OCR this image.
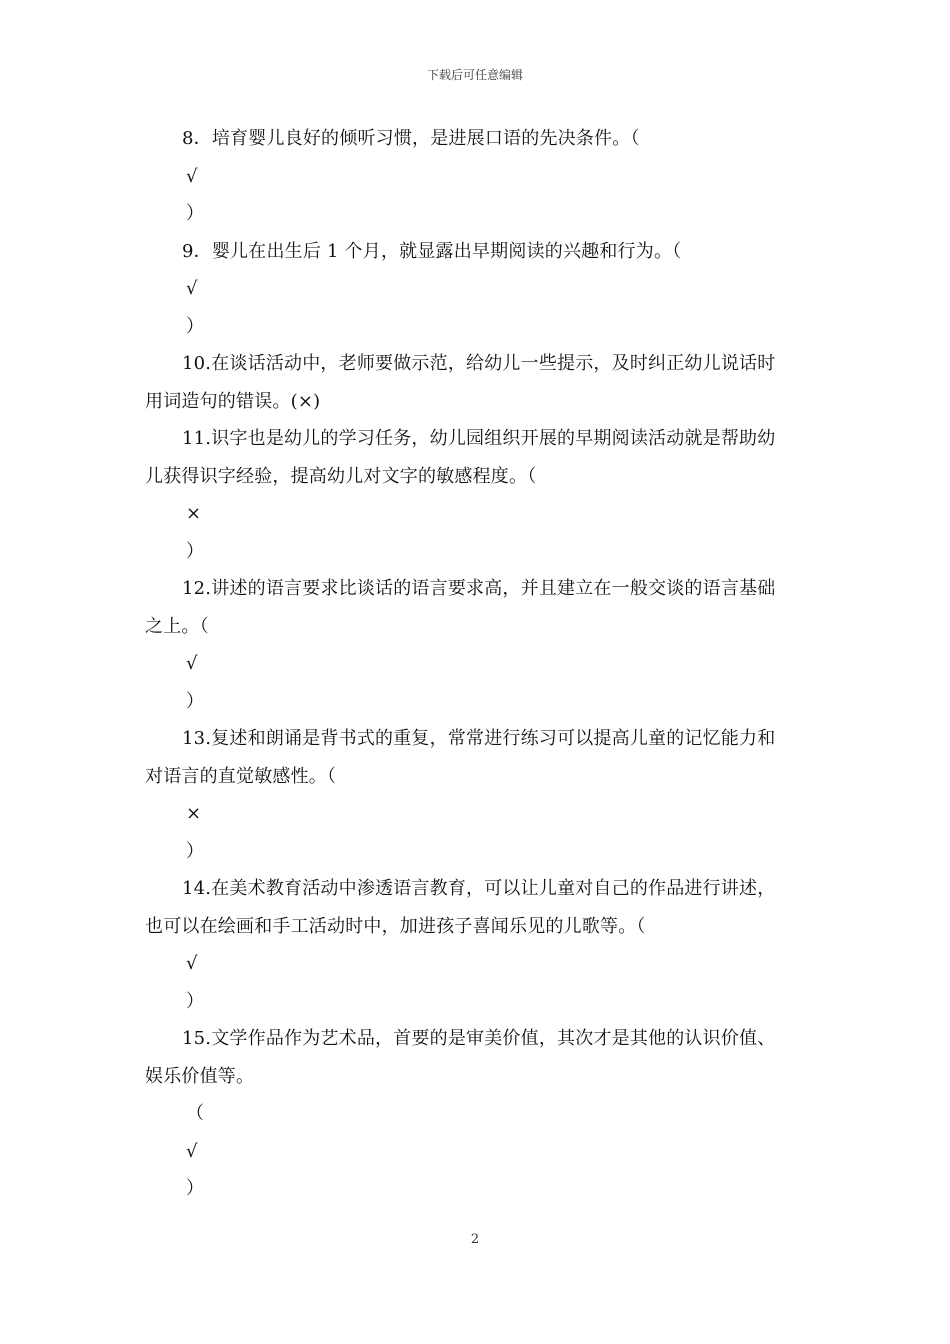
下载后可任意编辑
8．培育婴儿良好的倾听习惯，是进展口语的先决条件。（
√
）
9．婴儿在出生后 1 个月，就显露出早期阅读的兴趣和行为。（
√
）
10.在谈话活动中，老师要做示范，给幼儿一些提示，及时纠正幼儿说话时
用词造句的错误。(×)
11.识字也是幼儿的学习任务，幼儿园组织开展的早期阅读活动就是帮助幼
儿获得识字经验，提高幼儿对文字的敏感程度。（
×
）
12.讲述的语言要求比谈话的语言要求高，并且建立在一般交谈的语言基础
之上。（
√
）
13.复述和朗诵是背书式的重复，常常进行练习可以提高儿童的记忆能力和
对语言的直觉敏感性。（
×
）
14.在美术教育活动中渗透语言教育，可以让儿童对自己的作品进行讲述，
也可以在绘画和手工活动时中，加进孩子喜闻乐见的儿歌等。（
√
）
15.文学作品作为艺术品，首要的是审美价值，其次才是其他的认识价值、
娱乐价值等。
（
√
）
2
